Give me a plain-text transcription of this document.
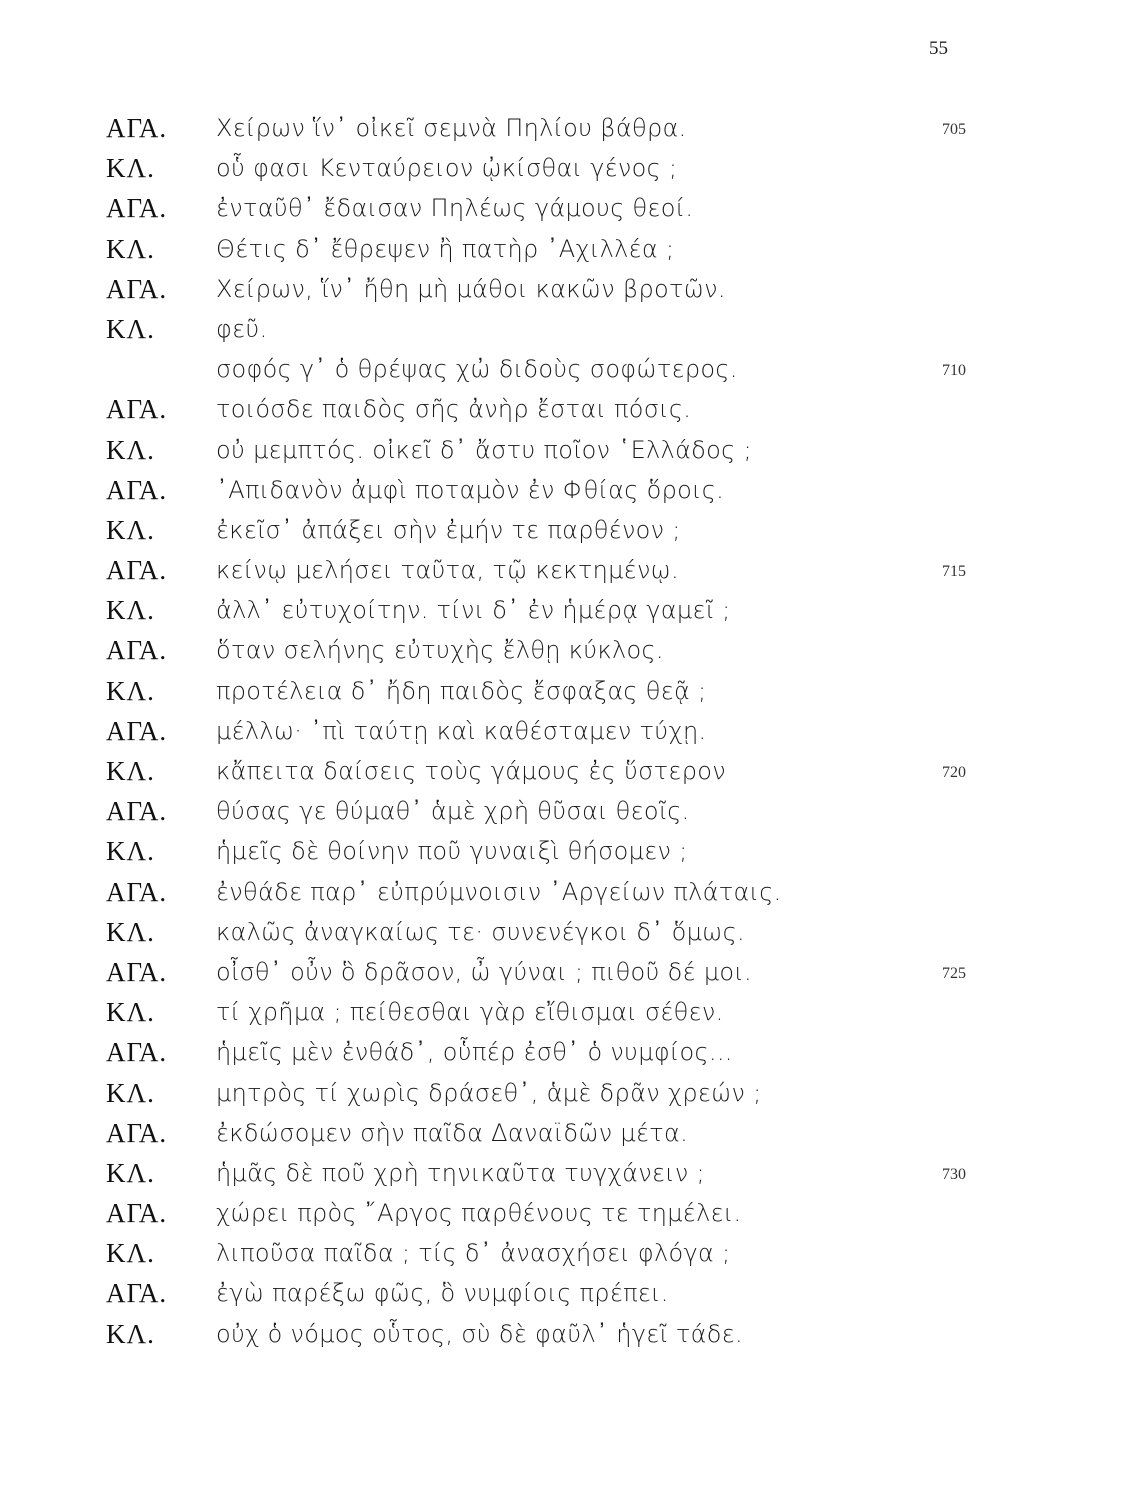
55
ΑΓΑ. Χείρων ἵν᾽ οἰκεῖ σεμνὰ Πηλίου βάθρα.	705
ΚΛ.	οὗ φασι Κενταύρειον ᾠκίσθαι γένος ;
ΑΓΑ. ἐνταῦθ᾽ ἔδαισαν Πηλέως γάμους θεοί.
ΚΛ.	Θέτις δ᾽ ἔθρεψεν ἢ πατὴρ ᾿Αχιλλέα ;
ΑΓΑ. Χείρων, ἵν᾽ ἤθη μὴ μάθοι κακῶν βροτῶν.
ΚΛ.	φεῦ.
σοφός γ᾽ ὁ θρέψας χὠ διδοὺς σοφώτερος.	710
ΑΓΑ. τοιόσδε παιδὸς σῆς ἀνὴρ ἔσται πόσις.
ΚΛ.	οὐ μεμπτός. οἰκεῖ δ᾽ ἄστυ ποῖον ῾Ελλάδος ;
ΑΓΑ. ᾿Απιδανὸν ἀμφὶ ποταμὸν ἐν Φθίας ὅροις.
ΚΛ.	ἐκεῖσ᾽ ἀπάξει σὴν ἐμήν τε παρθένον ;
ΑΓΑ. κείνῳ μελήσει ταῦτα, τῷ κεκτημένῳ.	715
ΚΛ.	ἀλλ᾽ εὐτυχοίτην. τίνι δ᾽ ἐν ἡμέρᾳ γαμεῖ ;
ΑΓΑ. ὅταν σελήνης εὐτυχὴς ἔλθῃ κύκλος.
ΚΛ.	προτέλεια δ᾽ ἤδη παιδὸς ἔσφαξας θεᾷ ;
ΑΓΑ. μέλλω· ᾽πὶ ταύτῃ καὶ καθέσταμεν τύχῃ.
ΚΛ.	κἄπειτα δαίσεις τοὺς γάμους ἐς ὕστερον	720
ΑΓΑ. θύσας γε θύμαθ᾽ ἁμὲ χρὴ θῦσαι θεοῖς.
ΚΛ.	ἡμεῖς δὲ θοίνην ποῦ γυναιξὶ θήσομεν ;
ΑΓΑ. ἐνθάδε παρ᾽ εὐπρύμνοισιν ᾿Αργείων πλάταις.
ΚΛ.	καλῶς ἀναγκαίως τε· συνενέγκοι δ᾽ ὅμως.
ΑΓΑ. οἶσθ᾽ οὖν ὃ δρᾶσον, ὦ γύναι ; πιθοῦ δέ μοι.	725
ΚΛ.	τί χρῆμα ; πείθεσθαι γὰρ εἴθισμαι σέθεν.
ΑΓΑ. ἡμεῖς μὲν ἐνθάδ᾽, οὗπέρ ἐσθ᾽ ὁ νυμφίος...
ΚΛ.	μητρὸς τί χωρὶς δράσεθ᾽, ἁμὲ δρᾶν χρεών ;
ΑΓΑ. ἐκδώσομεν σὴν παῖδα Δαναϊδῶν μέτα.
ΚΛ.	ἡμᾶς δὲ ποῦ χρὴ τηνικαῦτα τυγχάνειν ;	730
ΑΓΑ. χώρει πρὸς ῎Αργος παρθένους τε τημέλει.
ΚΛ.	λιποῦσα παῖδα ; τίς δ᾽ ἀνασχήσει φλόγα ;
ΑΓΑ. ἐγὼ παρέξω φῶς, ὃ νυμφίοις πρέπει.
ΚΛ.	οὐχ ὁ νόμος οὗτος, σὺ δὲ φαῦλ᾽ ἡγεῖ τάδε.
